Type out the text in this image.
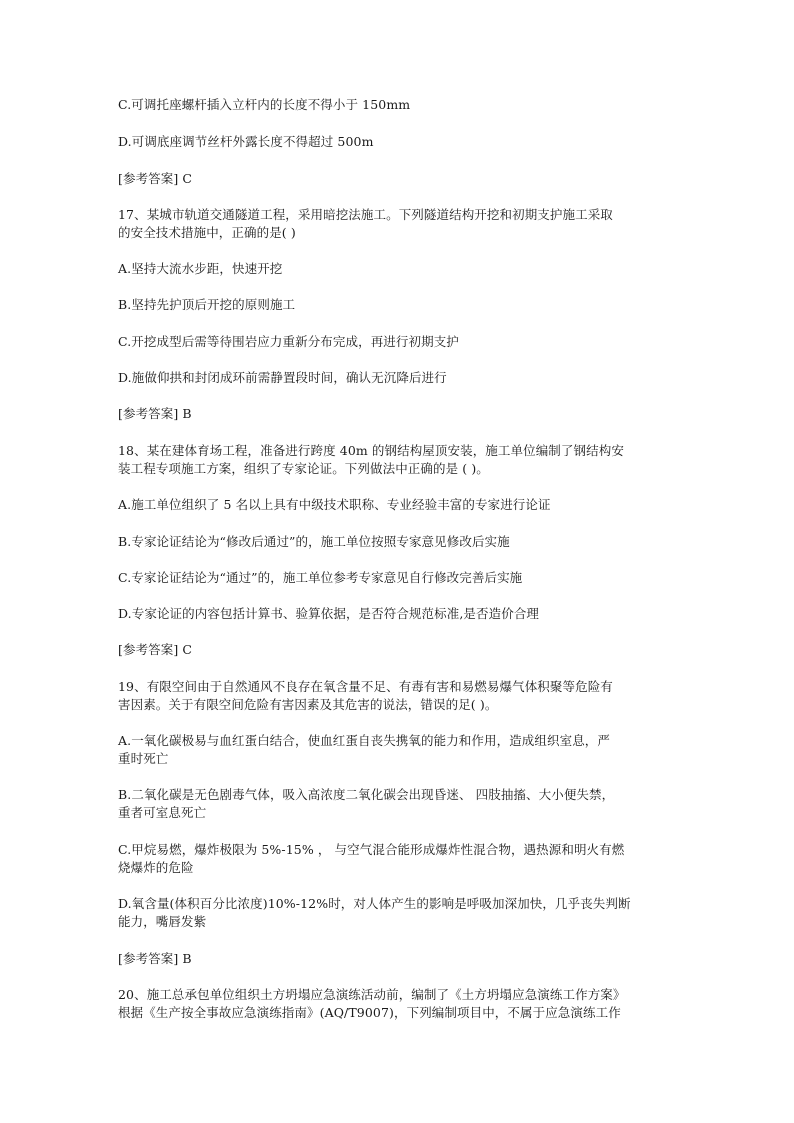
C.可调托座螺杆插入立杆内的长度不得小于 150mm
D.可调底座调节丝杆外露长度不得超过 500m
[参考答案] C
17、某城市轨道交通隧道工程，采用暗挖法施工。下列隧道结构开挖和初期支护施工采取
的安全技术措施中，正确的是( )
A.坚持大流水步距，快速开挖
B.坚持先护顶后开挖的原则施工
C.开挖成型后需等待围岩应力重新分布完成，再进行初期支护
D.施做仰拱和封闭成环前需静置段时间，确认无沉降后进行
[参考答案] B
18、某在建体育场工程，准备进行跨度 40m 的钢结构屋顶安装，施工单位编制了钢结构安
装工程专项施工方案，组织了专家论证。下列做法中正确的是 ( )。
A.施工单位组织了 5 名以上具有中级技术职称、专业经验丰富的专家进行论证
B.专家论证结论为“修改后通过”的，施工单位按照专家意见修改后实施
C.专家论证结论为“通过”的，施工单位参考专家意见自行修改完善后实施
D.专家论证的内容包括计算书、验算依据，是否符合规范标准,是否造价合理
[参考答案] C
19、有限空间由于自然通风不良存在氧含量不足、有毒有害和易燃易爆气体积聚等危险有
害因素。关于有限空间危险有害因素及其危害的说法，错误的足( )。
A.一氧化碳极易与血红蛋白结合，使血红蛋自丧失携氧的能力和作用，造成组织室息，严
重时死亡
B.二氧化碳是无色剧毒气体，吸入高浓度二氧化碳会出现昏迷、 四肢抽搐、大小便失禁，
重者可室息死亡
C.甲烷易燃，爆炸极限为 5%-15% ， 与空气混合能形成爆炸性混合物，遇热源和明火有燃
烧爆炸的危险
D.氧含量(体积百分比浓度)10%-12%时，对人体产生的影响是呼吸加深加快，几乎丧失判断
能力，嘴唇发紫
[参考答案] B
20、施工总承包单位组织土方坍塌应急演练活动前，编制了《土方坍塌应急演练工作方案》
根据《生产按全事故应急演练指南》(AQ/T9007)，下列编制项目中，不属于应急演练工作
